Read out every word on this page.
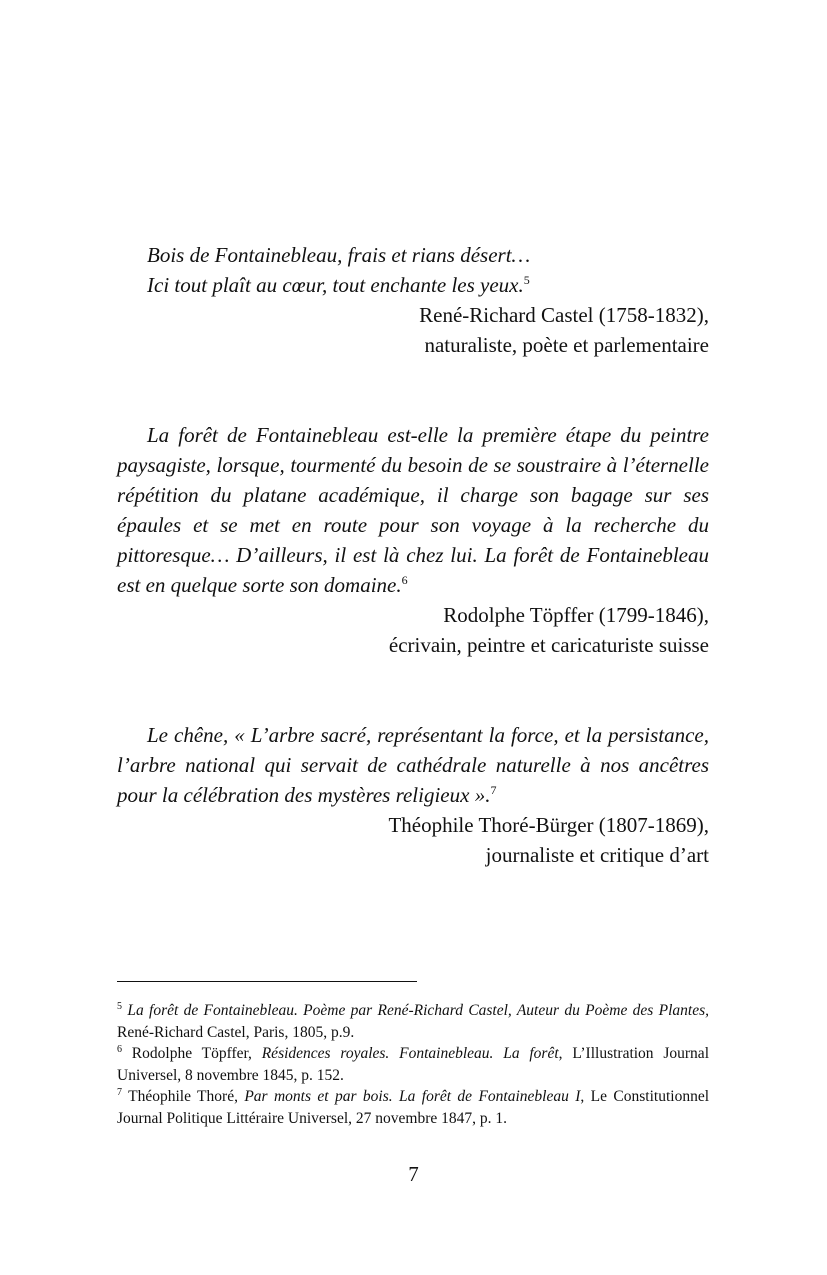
Bois de Fontainebleau, frais et rians désert…
Ici tout plaît au cœur, tout enchante les yeux.$^5$

René-Richard Castel (1758-1832),

naturaliste, poète et parlementaire

La forêt de Fontainebleau est-elle la première étape du peintre paysagiste, lorsque, tourmenté du besoin de se soustraire à l’éternelle répétition du platane académique, il charge son bagage sur ses épaules et se met en route pour son voyage à la recherche du pittoresque… D’ailleurs, il est là chez lui. La forêt de Fontainebleau est en quelque sorte son domaine.$^6$

Rodolphe Töpffer (1799-1846),

écrivain, peintre et caricaturiste suisse

Le chêne, « L’arbre sacré, représentant la force, et la persistance, l’arbre national qui servait de cathédrale naturelle à nos ancêtres pour la célébration des mystères religieux ».$^7$

Théophile Thoré-Bürger (1807-1869),

journaliste et critique d’art

$^5$ La forêt de Fontainebleau. Poème par René-Richard Castel, Auteur du Poème des Plantes, René-Richard Castel, Paris, 1805, p.9.

$^6$ Rodolphe Töpffer, Résidences royales. Fontainebleau. La forêt, L’Illustration Journal Universel, 8 novembre 1845, p. 152.

$^7$ Théophile Thoré, Par monts et par bois. La forêt de Fontainebleau I, Le Constitutionnel Journal Politique Littéraire Universel, 27 novembre 1847, p. 1.

7
